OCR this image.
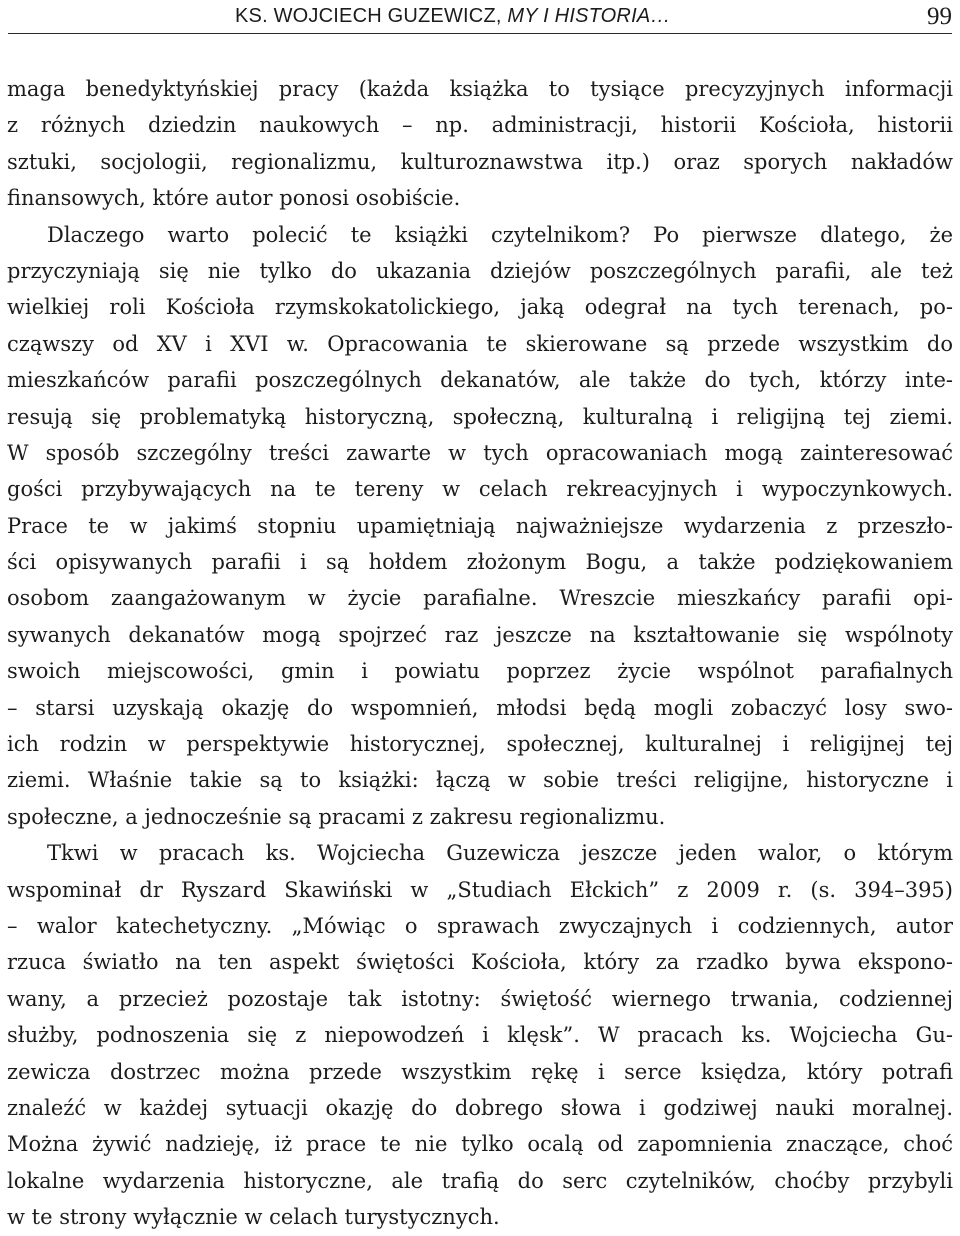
KS. WOJCIECH GUZEWICZ, MY I HISTORIA…	99
maga benedyktyńskiej pracy (każda książka to tysiące precyzyjnych informacji
z różnych dziedzin naukowych – np. administracji, historii Kościoła, historii
sztuki, socjologii, regionalizmu, kulturoznawstwa itp.) oraz sporych nakładów
finansowych, które autor ponosi osobiście.
Dlaczego warto polecić te książki czytelnikom? Po pierwsze dlatego, że
przyczyniają się nie tylko do ukazania dziejów poszczególnych parafii, ale też
wielkiej roli Kościoła rzymskokatolickiego, jaką odegrał na tych terenach, po-
cząwszy od XV i XVI w. Opracowania te skierowane są przede wszystkim do
mieszkańców parafii poszczególnych dekanatów, ale także do tych, którzy inte-
resują się problematyką historyczną, społeczną, kulturalną i religijną tej ziemi.
W sposób szczególny treści zawarte w tych opracowaniach mogą zainteresować
gości przybywających na te tereny w celach rekreacyjnych i wypoczynkowych.
Prace te w jakimś stopniu upamiętniają najważniejsze wydarzenia z przeszło-
ści opisywanych parafii i są hołdem złożonym Bogu, a także podziękowaniem
osobom zaangażowanym w życie parafialne. Wreszcie mieszkańcy parafii opi-
sywanych dekanatów mogą spojrzeć raz jeszcze na kształtowanie się wspólnoty
swoich miejscowości, gmin i powiatu poprzez życie wspólnot parafialnych
– starsi uzyskają okazję do wspomnień, młodsi będą mogli zobaczyć losy swo-
ich rodzin w perspektywie historycznej, społecznej, kulturalnej i religijnej tej
ziemi. Właśnie takie są to książki: łączą w sobie treści religijne, historyczne i
społeczne, a jednocześnie są pracami z zakresu regionalizmu.
Tkwi w pracach ks. Wojciecha Guzewicza jeszcze jeden walor, o którym
wspominał dr Ryszard Skawiński w „Studiach Ełckich” z 2009 r. (s. 394–395)
– walor katechetyczny. „Mówiąc o sprawach zwyczajnych i codziennych, autor
rzuca światło na ten aspekt świętości Kościoła, który za rzadko bywa ekspono-
wany, a przecież pozostaje tak istotny: świętość wiernego trwania, codziennej
służby, podnoszenia się z niepowodzeń i klęsk”. W pracach ks. Wojciecha Gu-
zewicza dostrzec można przede wszystkim rękę i serce księdza, który potrafi
znaleźć w każdej sytuacji okazję do dobrego słowa i godziwej nauki moralnej.
Można żywić nadzieję, iż prace te nie tylko ocalą od zapomnienia znaczące, choć
lokalne wydarzenia historyczne, ale trafią do serc czytelników, choćby przybyli
w te strony wyłącznie w celach turystycznych.
